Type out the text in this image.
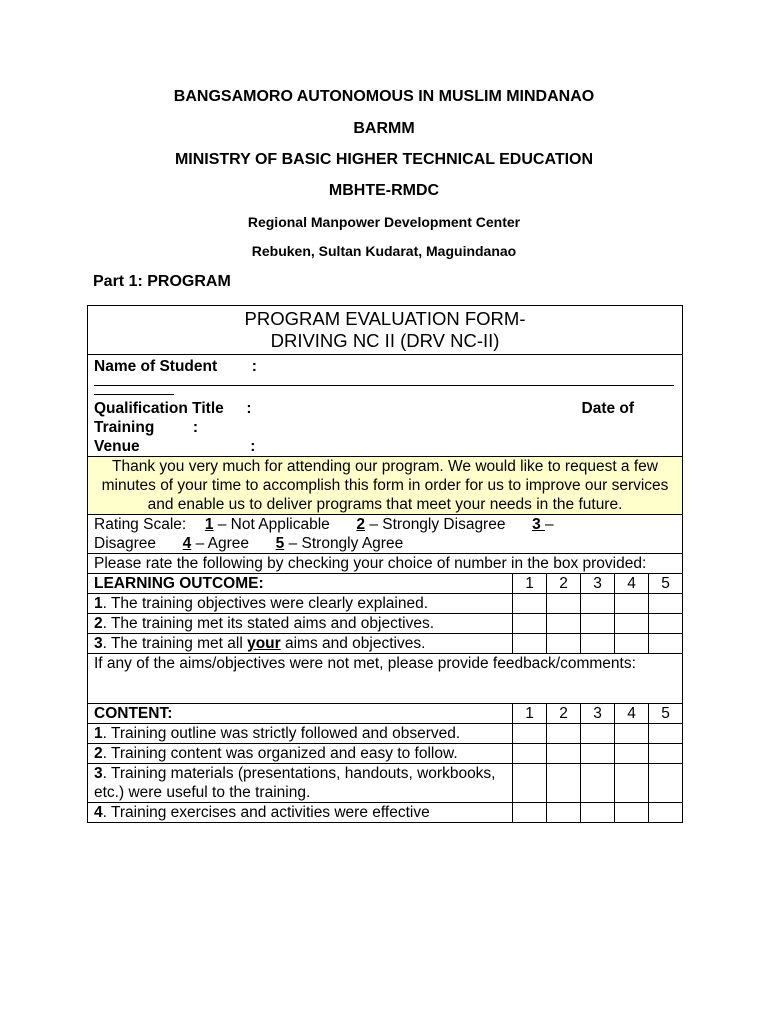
BANGSAMORO AUTONOMOUS IN MUSLIM MINDANAO
BARMM
MINISTRY OF BASIC HIGHER TECHNICAL EDUCATION
MBHTE-RMDC
Regional Manpower Development Center
Rebuken, Sultan Kudarat, Maguindanao
Part 1: PROGRAM
PROGRAM EVALUATION FORM-
DRIVING NC II (DRV NC-II)					

Name of Student :
Qualification Title : Date of
Training :
Venue :					

Thank you very much for attending our program. We would like to request a few minutes of your time to accomplish this form in order for us to improve our services and enable us to deliver programs that meet your needs in the future.					
Rating Scale: 1 – Not Applicable 2 – Strongly Disagree 3 –
Disagree 4 – Agree 5 – Strongly Agree					
Please rate the following by checking your choice of number in the box provided:					
LEARNING OUTCOME:	1	2	3	4	5
1. The training objectives were clearly explained.					
2. The training met its stated aims and objectives.					
3. The training met all your aims and objectives.					
If any of the aims/objectives were not met, please provide feedback/comments:					
CONTENT:	1	2	3	4	5
1. Training outline was strictly followed and observed.					
2. Training content was organized and easy to follow.					
3. Training materials (presentations, handouts, workbooks, etc.) were useful to the training.					
4. Training exercises and activities were effective					
